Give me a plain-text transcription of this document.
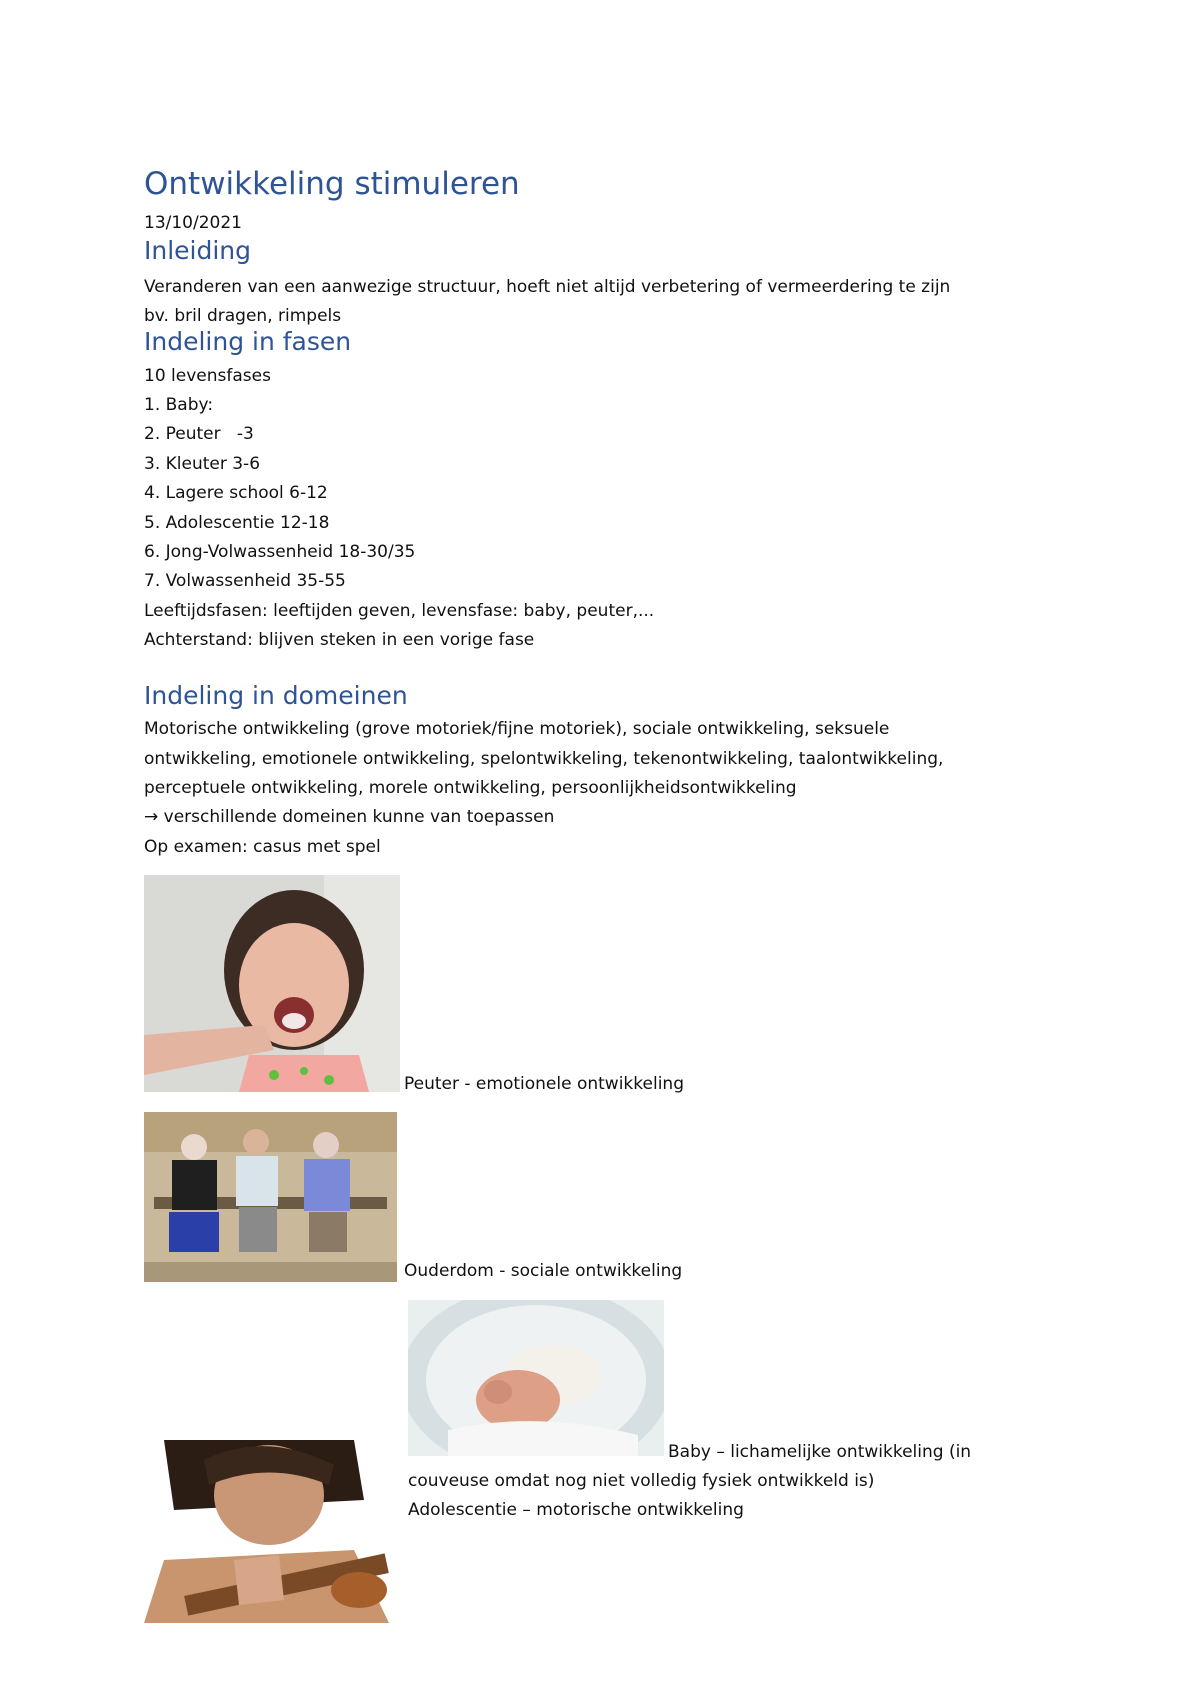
Ontwikkeling stimuleren
13/10/2021
Inleiding
Veranderen van een aanwezige structuur, hoeft niet altijd verbetering of vermeerdering te zijn
bv. bril dragen, rimpels
Indeling in fasen
10 levensfases
1. Baby:
2. Peuter   -3
3. Kleuter 3-6
4. Lagere school 6-12
5. Adolescentie 12-18
6. Jong-Volwassenheid 18-30/35
7. Volwassenheid 35-55
Leeftijdsfasen: leeftijden geven, levensfase: baby, peuter,...
Achterstand: blijven steken in een vorige fase
Indeling in domeinen
Motorische ontwikkeling (grove motoriek/fijne motoriek), sociale ontwikkeling, seksuele
ontwikkeling, emotionele ontwikkeling, spelontwikkeling, tekenontwikkeling, taalontwikkeling,
perceptuele ontwikkeling, morele ontwikkeling, persoonlijkheidsontwikkeling
→ verschillende domeinen kunne van toepassen
Op examen: casus met spel
Peuter - emotionele ontwikkeling
Ouderdom - sociale ontwikkeling
Baby – lichamelijke ontwikkeling (in
couveuse omdat nog niet volledig fysiek ontwikkeld is)
Adolescentie – motorische ontwikkeling
